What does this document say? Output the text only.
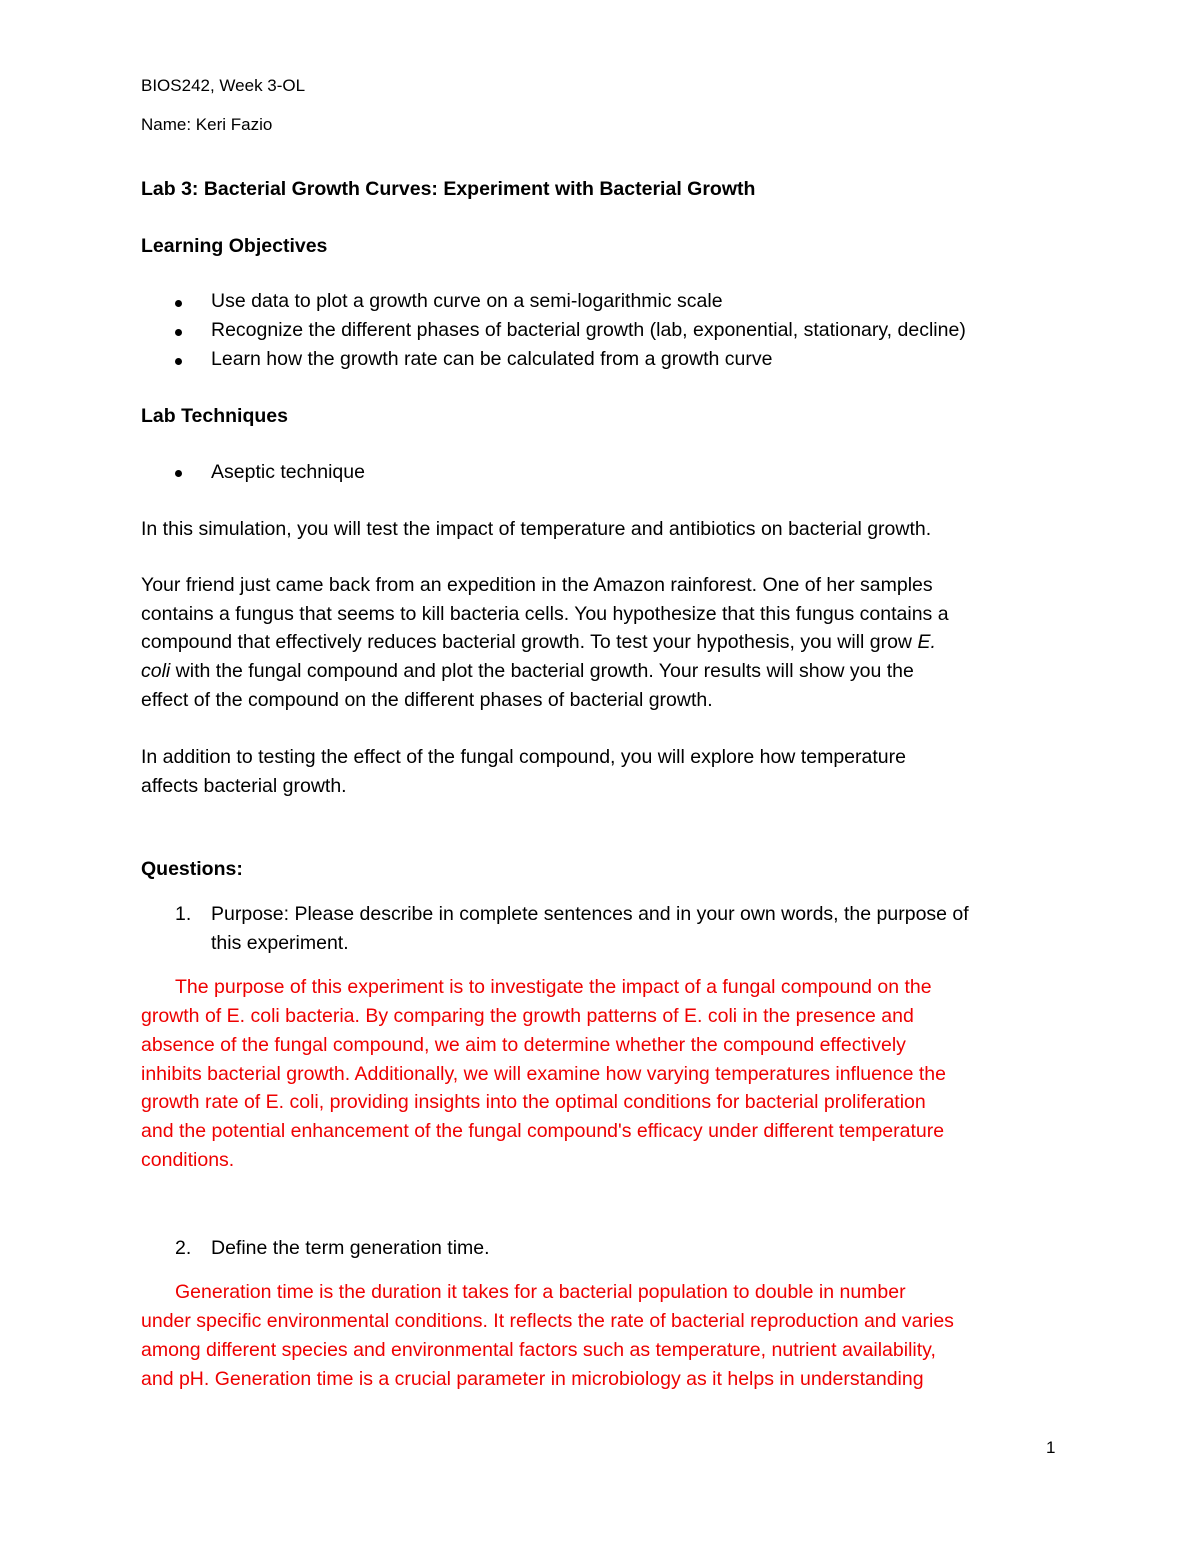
BIOS242, Week 3-OL

Name: Keri Fazio

Lab 3: Bacterial Growth Curves: Experiment with Bacterial Growth

Learning Objectives

Use data to plot a growth curve on a semi-logarithmic scale

Recognize the different phases of bacterial growth (lab, exponential, stationary, decline)

Learn how the growth rate can be calculated from a growth curve

Lab Techniques

Aseptic technique

In this simulation, you will test the impact of temperature and antibiotics on bacterial growth.

Your friend just came back from an expedition in the Amazon rainforest. One of her samples

contains a fungus that seems to kill bacteria cells. You hypothesize that this fungus contains a

compound that effectively reduces bacterial growth. To test your hypothesis, you will grow E.

coli with the fungal compound and plot the bacterial growth. Your results will show you the

effect of the compound on the different phases of bacterial growth.

In addition to testing the effect of the fungal compound, you will explore how temperature

affects bacterial growth.

Questions:

1. Purpose: Please describe in complete sentences and in your own words, the purpose of

this experiment.

The purpose of this experiment is to investigate the impact of a fungal compound on the

growth of E. coli bacteria. By comparing the growth patterns of E. coli in the presence and

absence of the fungal compound, we aim to determine whether the compound effectively

inhibits bacterial growth. Additionally, we will examine how varying temperatures influence the

growth rate of E. coli, providing insights into the optimal conditions for bacterial proliferation

and the potential enhancement of the fungal compound's efficacy under different temperature

conditions.

2. Define the term generation time.

Generation time is the duration it takes for a bacterial population to double in number

under specific environmental conditions. It reflects the rate of bacterial reproduction and varies

among different species and environmental factors such as temperature, nutrient availability,

and pH. Generation time is a crucial parameter in microbiology as it helps in understanding

1
